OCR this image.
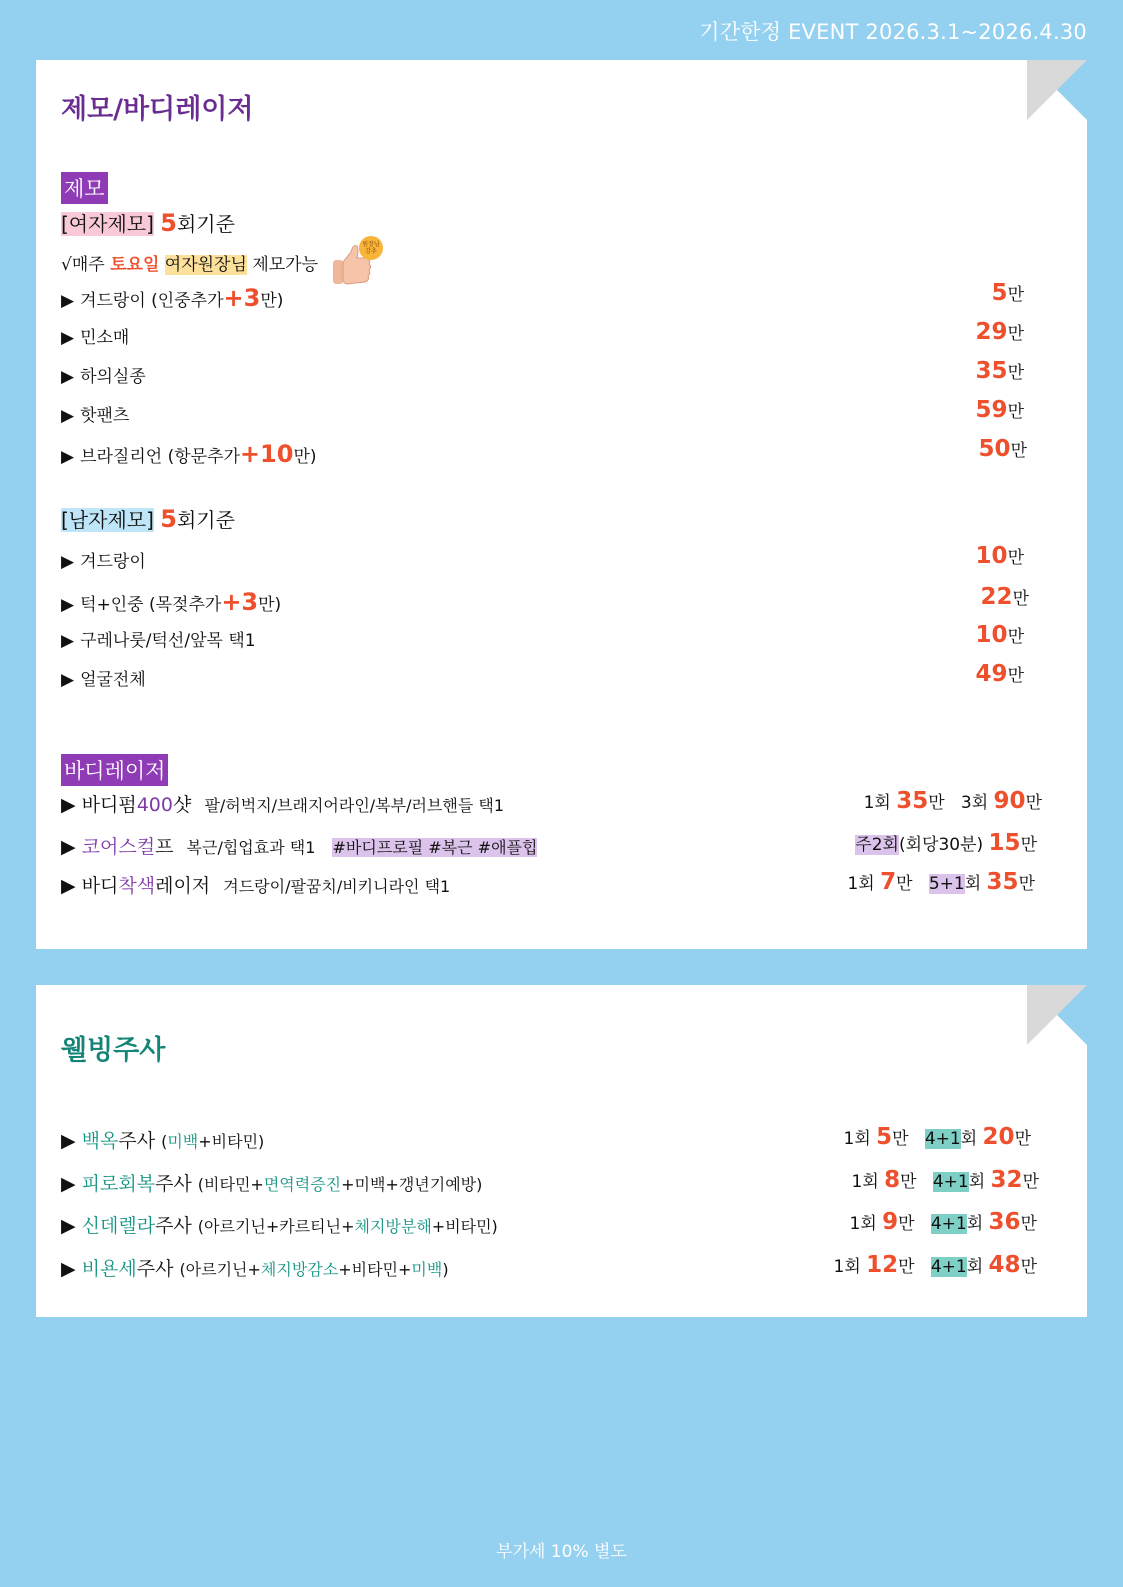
기간한정 EVENT 2026.3.1~2026.4.30
제모/바디레이저
제모
[여자제모] 5회기준
√매주 토요일 여자원장님 제모가능
원장님
강추
[남자제모] 5회기준
바디레이저
▶ 바디펌400샷 팔/허벅지/브래지어라인/복부/러브핸들 택1	1회 35만 3회 90만
▶ 코어스컬프 복근/힙업효과 택1 #바디프로필 #복근 #애플힙	주2회(회당30분) 15만
▶ 바디착색레이저 겨드랑이/팔꿈치/비키니라인 택1	1회 7만 5+1회 35만
▶ 겨드랑이 (인중추가+3만)	5만
▶ 민소매	29만
▶ 하의실종	35만
▶ 핫팬츠	59만
▶ 브라질리언 (항문추가+10만)	50만
▶ 겨드랑이	10만
▶ 턱+인중 (목젖추가+3만)	22만
▶ 구레나룻/턱선/앞목 택1	10만
▶ 얼굴전체	49만
웰빙주사
▶ 백옥주사 (미백+비타민)	1회 5만 4+1회 20만
▶ 피로회복주사 (비타민+면역력증진+미백+갱년기예방)	1회 8만 4+1회 32만
▶ 신데렐라주사 (아르기닌+카르티닌+체지방분해+비타민)	1회 9만 4+1회 36만
▶ 비욘세주사 (아르기닌+체지방감소+비타민+미백)	1회 12만 4+1회 48만
부가세 10% 별도
